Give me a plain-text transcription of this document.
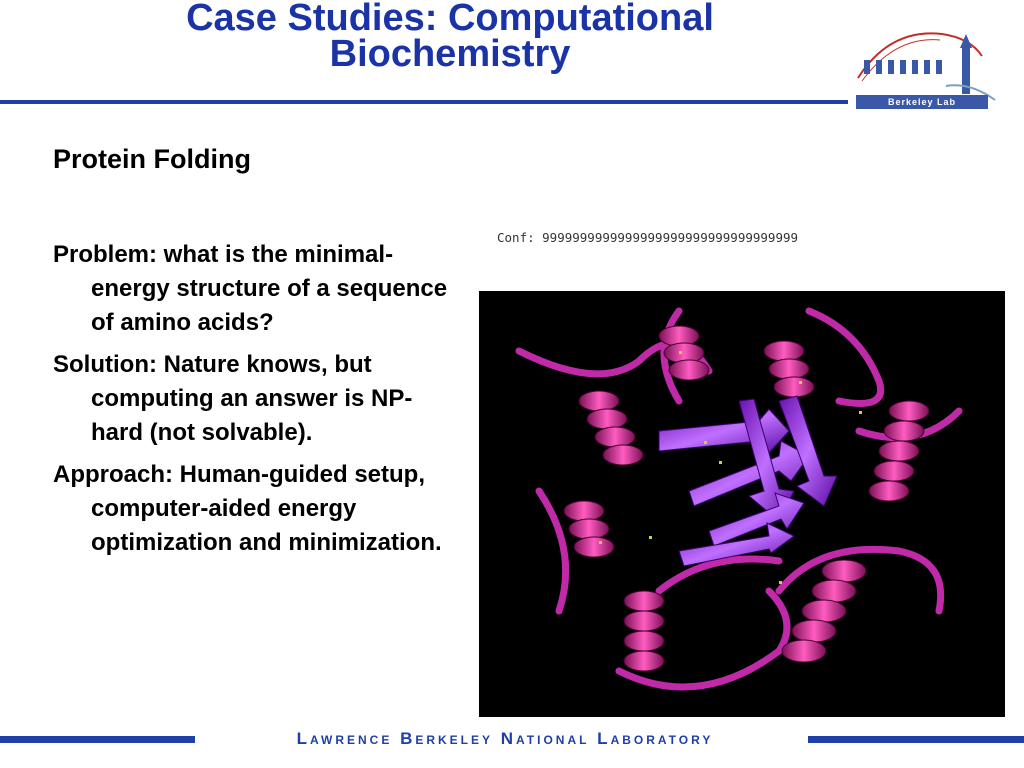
Case Studies: Computational
Biochemistry
Berkeley Lab
Protein Folding
Problem: what is the minimal-energy structure of a sequence of amino acids?
Solution: Nature knows, but computing an answer is NP-hard (not solvable).
Approach: Human-guided setup, computer-aided energy optimization and minimization.

Conf: 9999999999999999999999999999999999

Lawrence Berkeley National Laboratory
